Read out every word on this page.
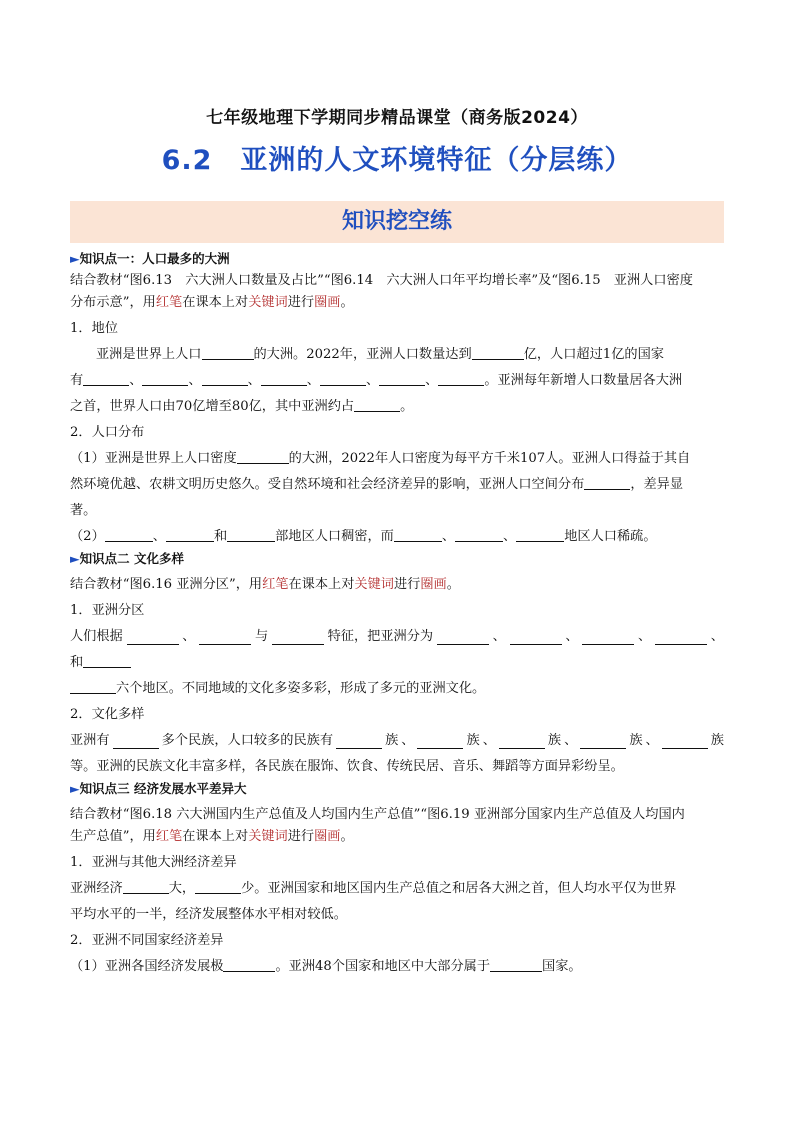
七年级地理下学期同步精品课堂（商务版2024）
6.2　亚洲的人文环境特征（分层练）
知识挖空练
►知识点一：人口最多的大洲
结合教材“图6.13　六大洲人口数量及占比”“图6.14　六大洲人口年平均增长率”及“图6.15　亚洲人口密度
分布示意”，用红笔在课本上对关键词进行圈画。
1．地位
亚洲是世界上人口	的大洲。2022年，亚洲人口数量达到	亿，人口超过1亿的国家
有	、	、	、	、	、	、	。亚洲每年新增人口数量居各大洲
之首，世界人口由70亿增至80亿，其中亚洲约占	。
2．人口分布
（1）亚洲是世界上人口密度	的大洲，2022年人口密度为每平方千米107人。亚洲人口得益于其自
然环境优越、农耕文明历史悠久。受自然环境和社会经济差异的影响，亚洲人口空间分布	，差异显
著。
（2）	、	和	部地区人口稠密，而	、	、	地区人口稀疏。
►知识点二 文化多样
结合教材“图6.16 亚洲分区”，用红笔在课本上对关键词进行圈画。
1．亚洲分区
人们根据	、	与	特征，把亚洲分为	、	、	、	、
和
六个地区。不同地域的文化多姿多彩，形成了多元的亚洲文化。
2．文化多样
亚洲有	多个民族，人口较多的民族有	族 、	族 、	族 、	族 、	族
等。亚洲的民族文化丰富多样，各民族在服饰、饮食、传统民居、音乐、舞蹈等方面异彩纷呈。
►知识点三 经济发展水平差异大
结合教材“图6.18 六大洲国内生产总值及人均国内生产总值”“图6.19 亚洲部分国家内生产总值及人均国内
生产总值”，用红笔在课本上对关键词进行圈画。
1．亚洲与其他大洲经济差异
亚洲经济	大，	少。亚洲国家和地区国内生产总值之和居各大洲之首，但人均水平仅为世界
平均水平的一半，经济发展整体水平相对较低。
2．亚洲不同国家经济差异
（1）亚洲各国经济发展极	。亚洲48个国家和地区中大部分属于	国家。
